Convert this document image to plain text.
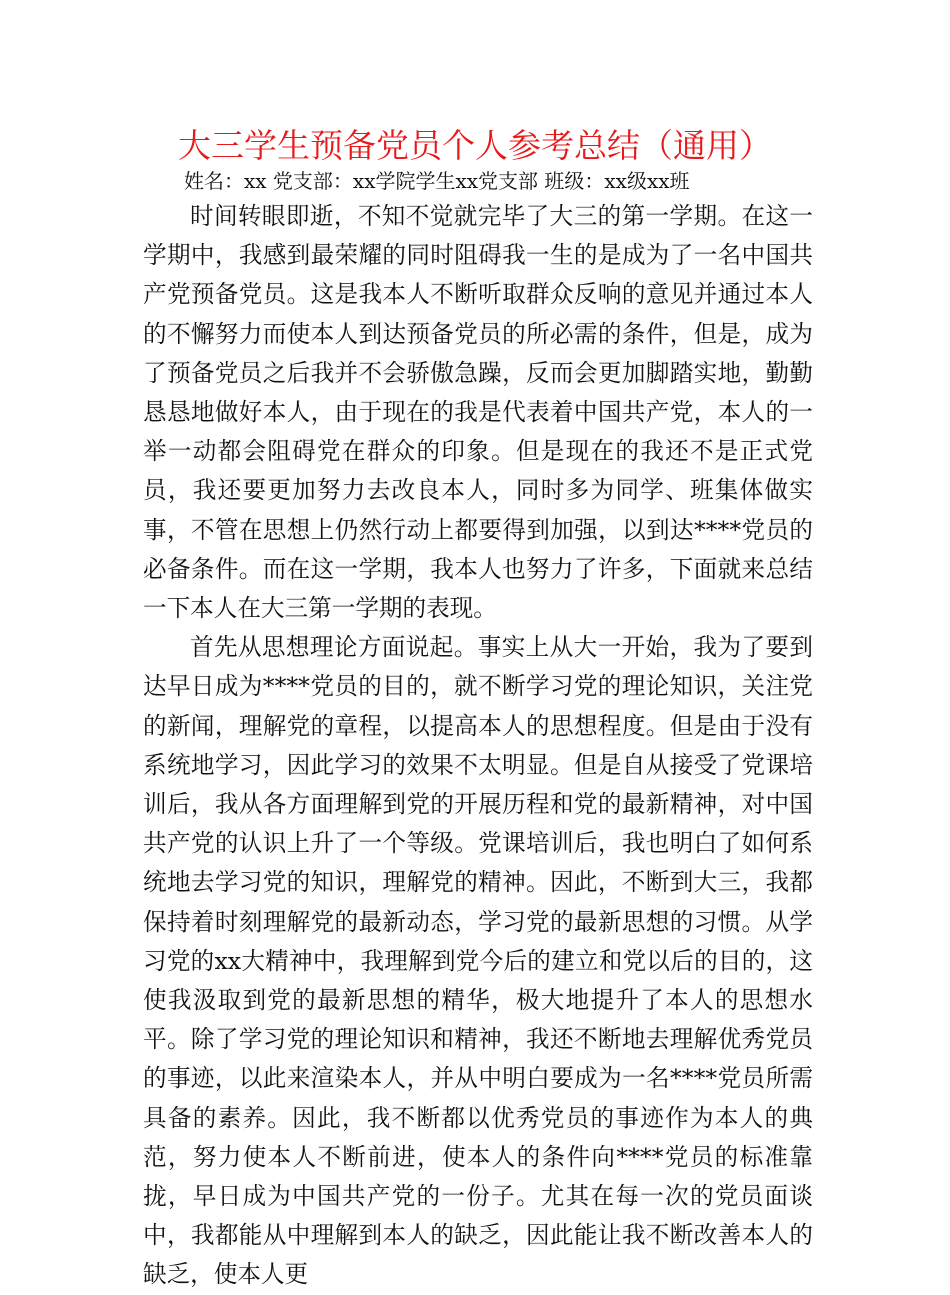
大三学生预备党员个人参考总结（通用）

姓名：xx 党支部：xx学院学生xx党支部 班级：xx级xx班

时间转眼即逝，不知不觉就完毕了大三的第一学期。在这一学期中，我感到最荣耀的同时阻碍我一生的是成为了一名中国共产党预备党员。这是我本人不断听取群众反响的意见并通过本人的不懈努力而使本人到达预备党员的所必需的条件，但是，成为了预备党员之后我并不会骄傲急躁，反而会更加脚踏实地，勤勤恳恳地做好本人，由于现在的我是代表着中国共产党，本人的一举一动都会阻碍党在群众的印象。但是现在的我还不是正式党员，我还要更加努力去改良本人，同时多为同学、班集体做实事，不管在思想上仍然行动上都要得到加强，以到达****党员的必备条件。而在这一学期，我本人也努力了许多，下面就来总结一下本人在大三第一学期的表现。

首先从思想理论方面说起。事实上从大一开始，我为了要到达早日成为****党员的目的，就不断学习党的理论知识，关注党的新闻，理解党的章程，以提高本人的思想程度。但是由于没有系统地学习，因此学习的效果不太明显。但是自从接受了党课培训后，我从各方面理解到党的开展历程和党的最新精神，对中国共产党的认识上升了一个等级。党课培训后，我也明白了如何系统地去学习党的知识，理解党的精神。因此，不断到大三，我都保持着时刻理解党的最新动态，学习党的最新思想的习惯。从学习党的xx大精神中，我理解到党今后的建立和党以后的目的，这使我汲取到党的最新思想的精华，极大地提升了本人的思想水平。除了学习党的理论知识和精神，我还不断地去理解优秀党员的事迹，以此来渲染本人，并从中明白要成为一名****党员所需具备的素养。因此，我不断都以优秀党员的事迹作为本人的典范，努力使本人不断前进，使本人的条件向****党员的标准靠拢，早日成为中国共产党的一份子。尤其在每一次的党员面谈中，我都能从中理解到本人的缺乏，因此能让我不断改善本人的缺乏，使本人更
